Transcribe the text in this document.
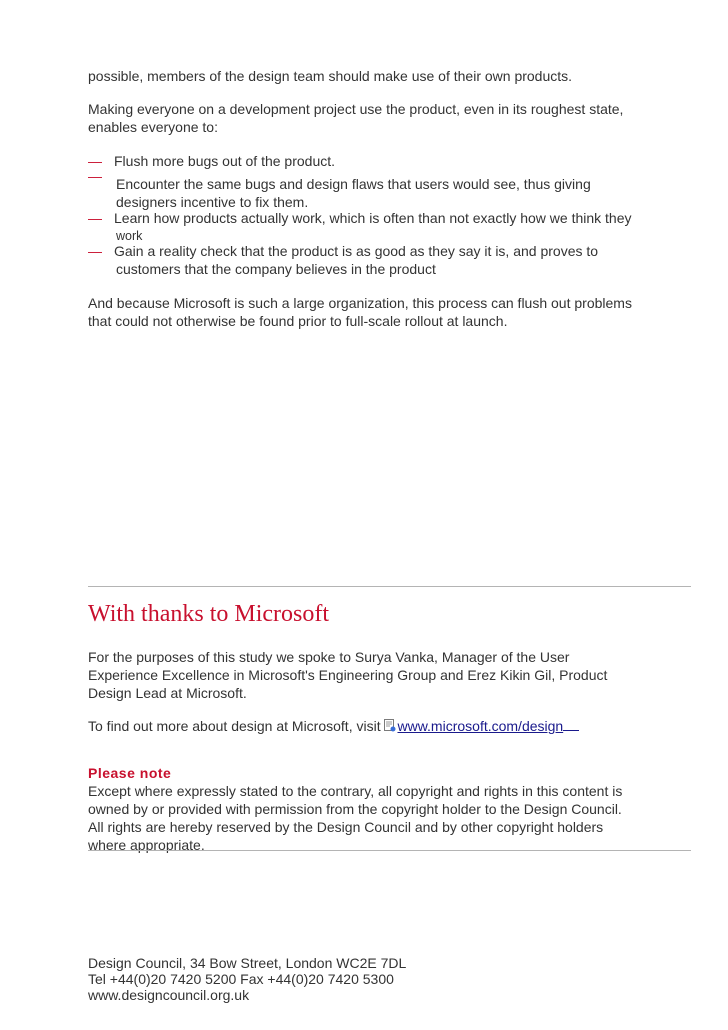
possible, members of the design team should make use of their own products.

Making everyone on a development project use the product, even in its roughest state,

enables everyone to:

— Flush more bugs out of the product.
— Encounter the same bugs and design flaws that users would see, thus giving
designers incentive to fix them.
— Learn how products actually work, which is often than not exactly how we think they
work
— Gain a reality check that the product is as good as they say it is, and proves to
customers that the company believes in the product

And because Microsoft is such a large organization, this process can flush out problems

that could not otherwise be found prior to full-scale rollout at launch.

With thanks to Microsoft

For the purposes of this study we spoke to Surya Vanka, Manager of the User

Experience Excellence in Microsoft's Engineering Group and Erez Kikin Gil, Product

Design Lead at Microsoft.

To find out more about design at Microsoft, visit www.microsoft.com/design

Please note

Except where expressly stated to the contrary, all copyright and rights in this content is

owned by or provided with permission from the copyright holder to the Design Council.

All rights are hereby reserved by the Design Council and by other copyright holders

where appropriate.

Design Council, 34 Bow Street, London WC2E 7DL
Tel +44(0)20 7420 5200 Fax +44(0)20 7420 5300
www.designcouncil.org.uk
